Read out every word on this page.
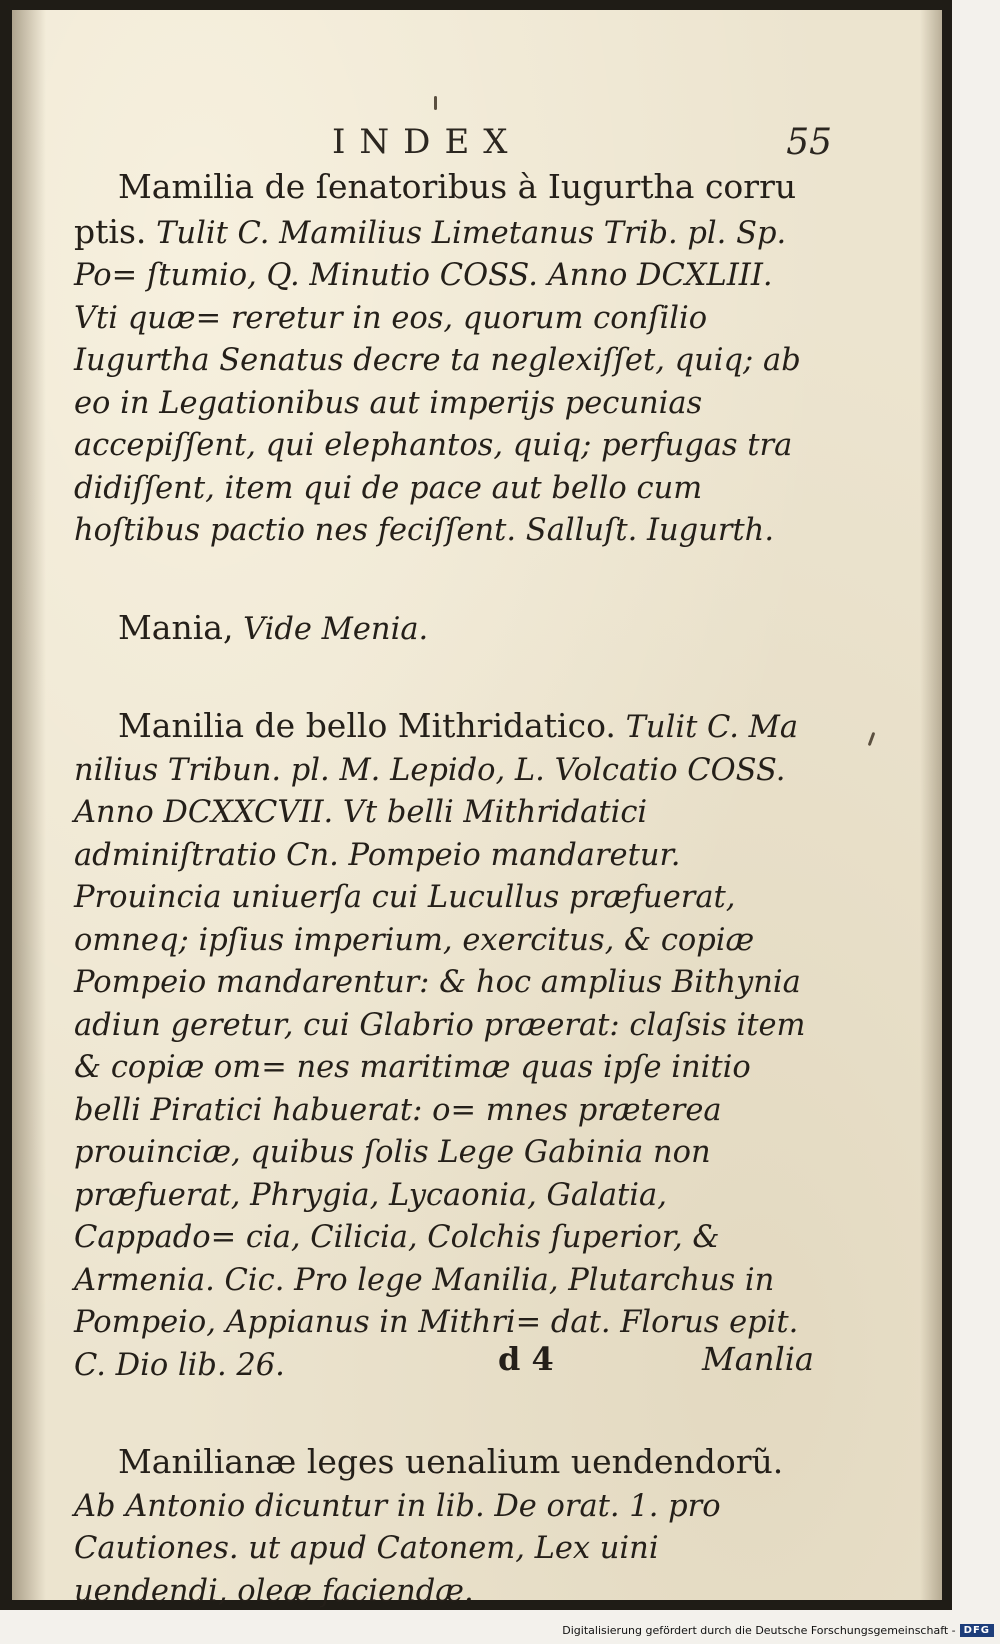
INDEX	55

Mamilia de ſenatoribus à Iugurtha corru ptis. Tulit C. Mamilius Limetanus Trib. pl. Sp. Po= ſtumio, Q. Minutio COSS. Anno DCXLIII. Vti quæ= reretur in eos, quorum conſilio Iugurtha Senatus decre ta neglexiſſet, quiq; ab eo in Legationibus aut imperijs pecunias accepiſſent, qui elephantos, quiq; perfugas tra didiſſent, item qui de pace aut bello cum hoſtibus pactio nes feciſſent. Salluſt. Iugurth.

Mania, Vide Menia.

Manilia de bello Mithridatico. Tulit C. Ma nilius Tribun. pl. M. Lepido, L. Volcatio COSS. Anno DCXXCVII. Vt belli Mithridatici adminiſtratio Cn. Pompeio mandaretur. Prouincia uniuerſa cui Lucullus præfuerat, omneq; ipſius imperium, exercitus, & copiæ Pompeio mandarentur: & hoc amplius Bithynia adiun geretur, cui Glabrio præerat: claſsis item & copiæ om= nes maritimæ quas ipſe initio belli Piratici habuerat: o= mnes præterea prouinciæ, quibus ſolis Lege Gabinia non præfuerat, Phrygia, Lycaonia, Galatia, Cappado= cia, Cilicia, Colchis ſuperior, & Armenia. Cic. Pro lege Manilia, Plutarchus in Pompeio, Appianus in Mithri= dat. Florus epit. C. Dio lib. 26.

Manilianæ leges uenalium uendendorũ. Ab Antonio dicuntur in lib. De orat. 1. pro Cautiones. ut apud Catonem, Lex uini uendendi, oleæ faciendæ.

d 4	Manlia
Digitalisierung gefördert durch die Deutsche Forschungsgemeinschaft - DFG
